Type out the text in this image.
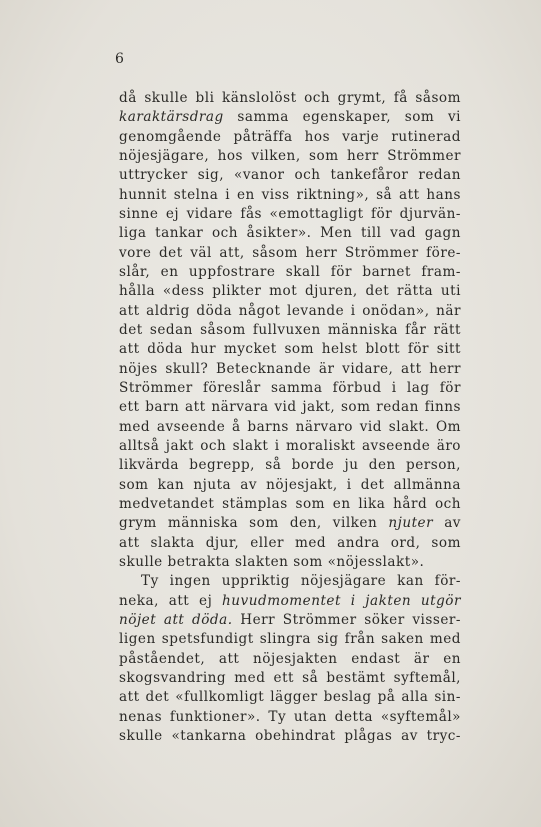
6
då skulle bli känslolöst och grymt, få såsom
karaktärsdrag samma egenskaper, som vi
genomgående påträffa hos varje rutinerad
nöjesjägare, hos vilken, som herr Strömmer
uttrycker sig, «vanor och tankefåror redan
hunnit stelna i en viss riktning», så att hans
sinne ej vidare fås «emottagligt för djurvän-
liga tankar och åsikter». Men till vad gagn
vore det väl att, såsom herr Strömmer före-
slår, en uppfostrare skall för barnet fram-
hålla «dess plikter mot djuren, det rätta uti
att aldrig döda något levande i onödan», när
det sedan såsom fullvuxen människa får rätt
att döda hur mycket som helst blott för sitt
nöjes skull? Betecknande är vidare, att herr
Strömmer föreslår samma förbud i lag för
ett barn att närvara vid jakt, som redan finns
med avseende å barns närvaro vid slakt. Om
alltså jakt och slakt i moraliskt avseende äro
likvärda begrepp, så borde ju den person,
som kan njuta av nöjesjakt, i det allmänna
medvetandet stämplas som en lika hård och
grym människa som den, vilken njuter av
att slakta djur, eller med andra ord, som
skulle betrakta slakten som «nöjesslakt».
Ty ingen uppriktig nöjesjägare kan för-
neka, att ej huvudmomentet i jakten utgör
nöjet att döda. Herr Strömmer söker visser-
ligen spetsfundigt slingra sig från saken med
påståendet, att nöjesjakten endast är en
skogsvandring med ett så bestämt syftemål,
att det «fullkomligt lägger beslag på alla sin-
nenas funktioner». Ty utan detta «syftemål»
skulle «tankarna obehindrat plågas av tryc-
